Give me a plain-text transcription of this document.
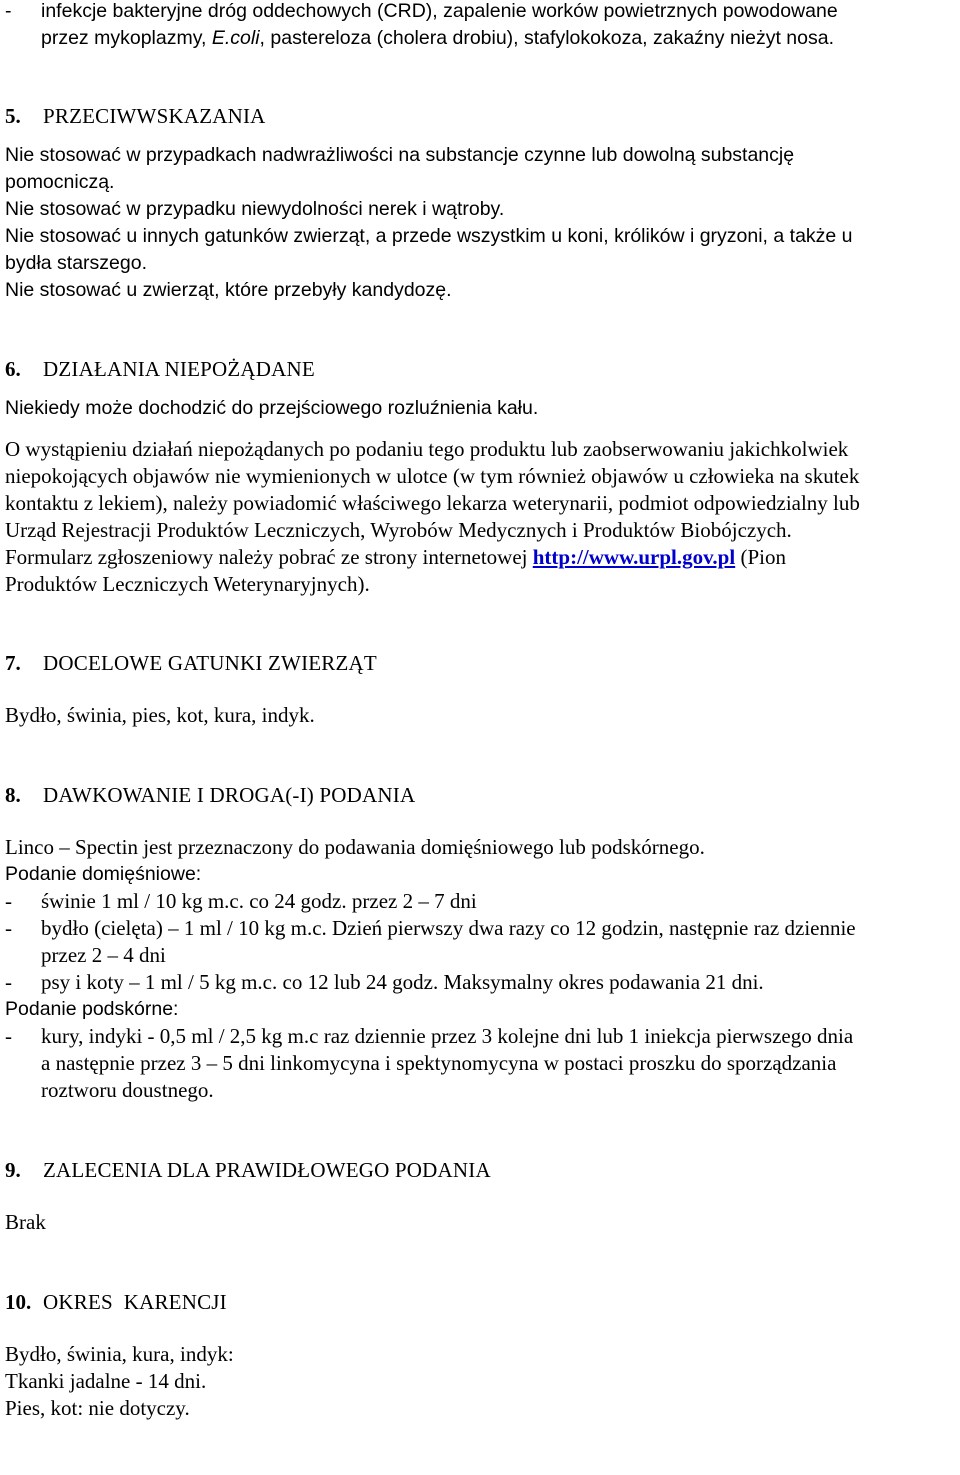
-	infekcje bakteryjne dróg oddechowych (CRD), zapalenie worków powietrznych powodowane

przez mykoplazmy, E.coli, pastereloza (cholera drobiu), stafylokokoza, zakaźny nieżyt nosa.

5. PRZECIWWSKAZANIA

Nie stosować w przypadkach nadwrażliwości na substancje czynne lub dowolną substancję

pomocniczą.

Nie stosować w przypadku niewydolności nerek i wątroby.

Nie stosować u innych gatunków zwierząt, a przede wszystkim u koni, królików i gryzoni, a także u

bydła starszego.

Nie stosować u zwierząt, które przebyły kandydozę.

6. DZIAŁANIA NIEPOŻĄDANE

Niekiedy może dochodzić do przejściowego rozluźnienia kału.

O wystąpieniu działań niepożądanych po podaniu tego produktu lub zaobserwowaniu jakichkolwiek

niepokojących objawów nie wymienionych w ulotce (w tym również objawów u człowieka na skutek

kontaktu z lekiem), należy powiadomić właściwego lekarza weterynarii, podmiot odpowiedzialny lub

Urząd Rejestracji Produktów Leczniczych, Wyrobów Medycznych i Produktów Biobójczych.

Formularz zgłoszeniowy należy pobrać ze strony internetowej http://www.urpl.gov.pl (Pion

Produktów Leczniczych Weterynaryjnych).

7. DOCELOWE GATUNKI ZWIERZĄT

Bydło, świnia, pies, kot, kura, indyk.

8. DAWKOWANIE I DROGA(-I) PODANIA

Linco – Spectin jest przeznaczony do podawania domięśniowego lub podskórnego.

Podanie domięśniowe:

-	świnie 1 ml / 10 kg m.c. co 24 godz. przez 2 – 7 dni

-	bydło (cielęta) – 1 ml / 10 kg m.c. Dzień pierwszy dwa razy co 12 godzin, następnie raz dziennie

przez 2 – 4 dni

-	psy i koty – 1 ml / 5 kg m.c. co 12 lub 24 godz. Maksymalny okres podawania 21 dni.

Podanie podskórne:

-	kury, indyki - 0,5 ml / 2,5 kg m.c raz dziennie przez 3 kolejne dni lub 1 iniekcja pierwszego dnia

a następnie przez 3 – 5 dni linkomycyna i spektynomycyna w postaci proszku do sporządzania

roztworu doustnego.

9. ZALECENIA DLA PRAWIDŁOWEGO PODANIA

Brak

10. OKRES  KARENCJI

Bydło, świnia, kura, indyk:

Tkanki jadalne - 14 dni.

Pies, kot: nie dotyczy.
